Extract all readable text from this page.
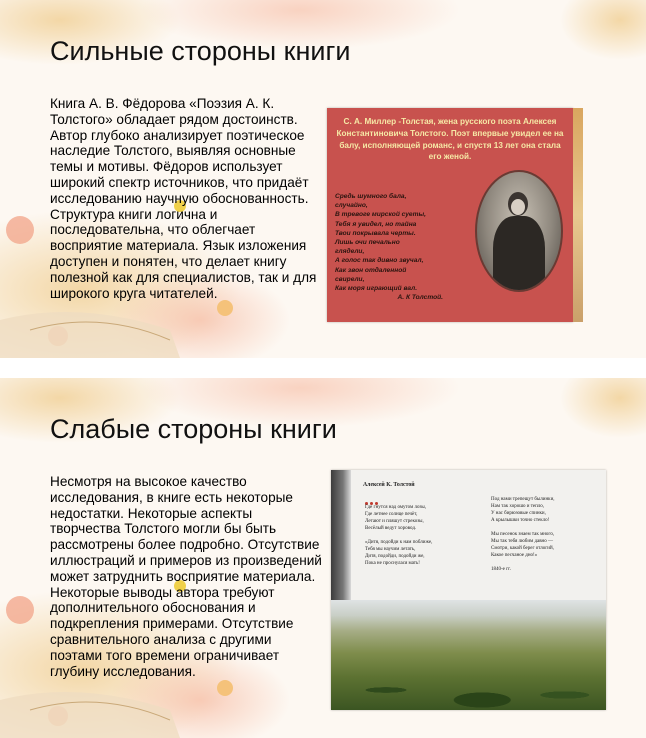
Сильные стороны книги

Книга А. В. Фёдорова «Поэзия А. К. Толстого» обладает рядом достоинств. Автор глубоко анализирует поэтическое наследие Толстого, выявляя основные темы и мотивы. Фёдоров использует широкий спектр источников, что придаёт исследованию научную обоснованность. Структура книги логична и последовательна, что облегчает восприятие материала. Язык изложения доступен и понятен, что делает книгу полезной как для специалистов, так и для широкого круга читателей.

С. А. Миллер -Толстая, жена русского поэта Алексея Константиновича Толстого. Поэт впервые увидел ее на балу, исполняющей романс, и спустя 13 лет она стала его женой.

Средь шумного бала,
случайно,
В тревоге мирской суеты,
Тебя я увидел, но тайна
Твои покрывала черты.
Лишь очи печально
глядели,
А голос так дивно звучал,
Как звон отдаленной
свирели,
Как моря играющий вал.
А. К Толстой.

Слабые стороны книги

Несмотря на высокое качество исследования, в книге есть некоторые недостатки. Некоторые аспекты творчества Толстого могли бы быть рассмотрены более подробно. Отсутствие иллюстраций и примеров из произведений может затруднить восприятие материала. Некоторые выводы автора требуют дополнительного обоснования и подкрепления примерами. Отсутствие сравнительного анализа с другими поэтами того времени ограничивает глубину исследования.

Алексей К. Толстой

Где гнутся над омутом лозы,
Где летнее солнце печёт,
Летают и пляшут стрекозы,
Весёлый ведут хоровод.

«Дитя, подойди к нам поближе,
Тебя мы научим летать,
Дитя, подойди, подойди же,
Пока не проснулася мать!

Под нами трепещут былинки,
Нам так хорошо и тепло,
У нас бирюзовые спинки,
А крылышки точно стекло!

Мы песенок знаем так много,
Мы так тебя любим давно —
Смотри, какой берег отлогий,
Какое песчаное дно!»

1840-е гг.
